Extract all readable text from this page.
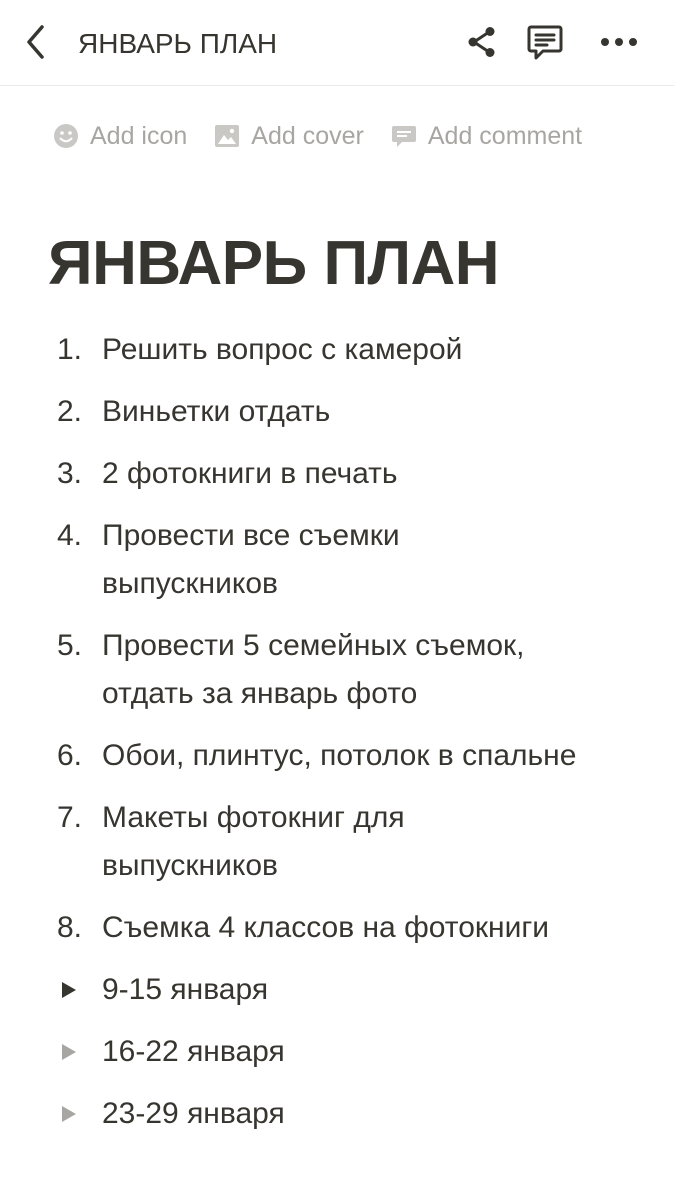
ЯНВАРЬ ПЛАН
Add icon	Add cover	Add comment
ЯНВАРЬ ПЛАН
1. Решить вопрос с камерой
2. Виньетки отдать
3. 2 фотокниги в печать
4. Провести все съемки выпускников
5. Провести 5 семейных съемок, отдать за январь фото
6. Обои, плинтус, потолок в спальне
7. Макеты фотокниг для выпускников
8. Съемка 4 классов на фотокниги
9-15 января
16-22 января
23-29 января
